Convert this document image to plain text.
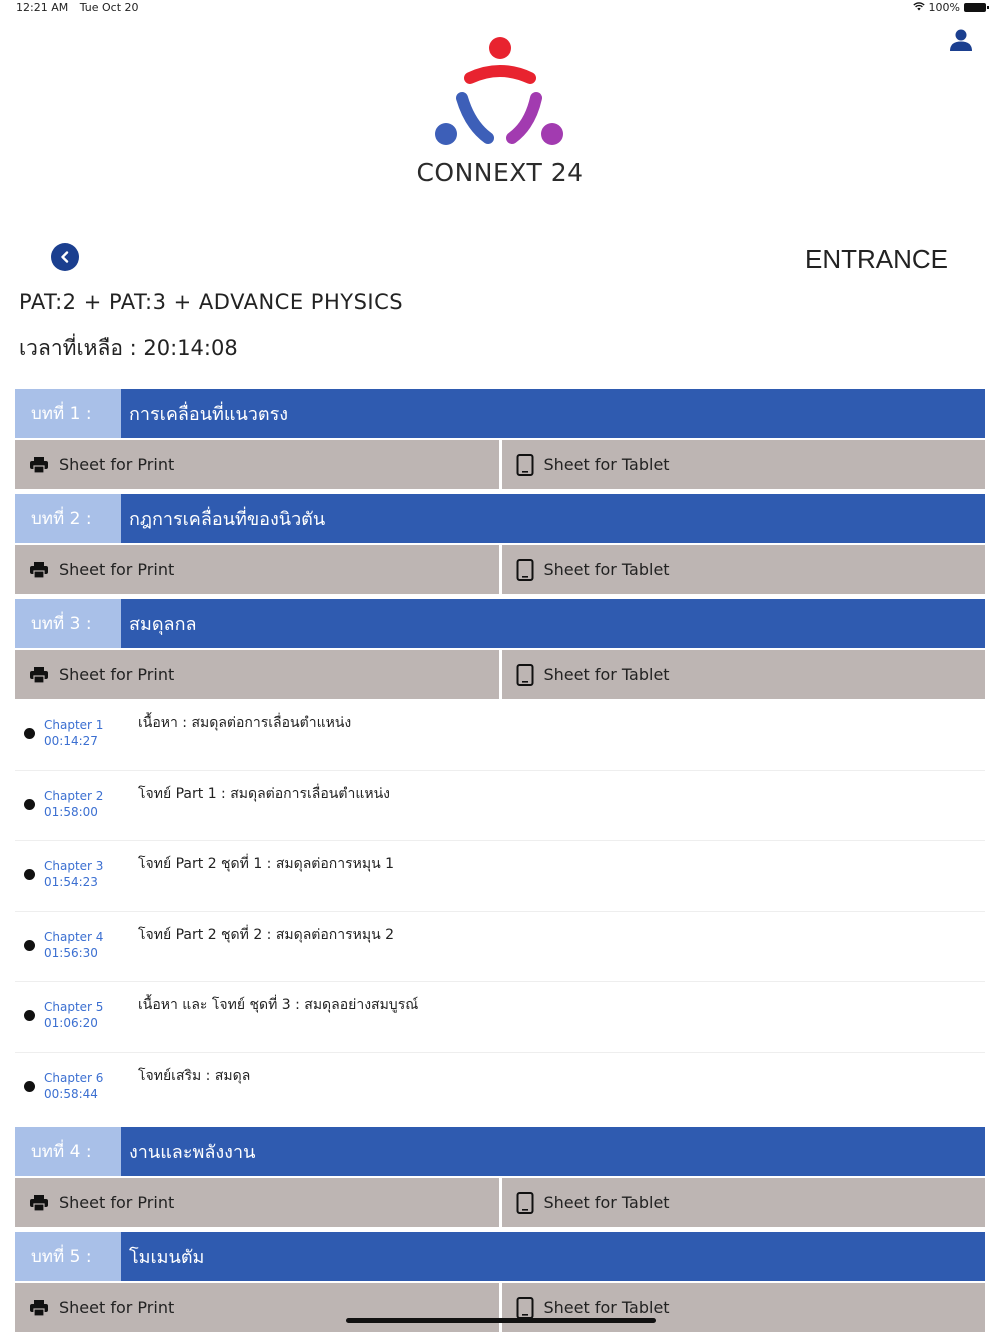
12:21 AM Tue Oct 20	100%
CONNEXT 24
ENTRANCE
PAT:2 + PAT:3 + ADVANCE PHYSICS
เวลาที่เหลือ : 20:14:08
บทที่ 1 :	การเคลื่อนที่แนวตรง
Sheet for Print	Sheet for Tablet
บทที่ 2 :	กฎการเคลื่อนที่ของนิวตัน
Sheet for Print	Sheet for Tablet
บทที่ 3 :	สมดุลกล
Sheet for Print	Sheet for Tablet
Chapter 1
00:14:27
เนื้อหา : สมดุลต่อการเลื่อนตำแหน่ง
Chapter 2
01:58:00
โจทย์ Part 1 : สมดุลต่อการเลื่อนตำแหน่ง
Chapter 3
01:54:23
โจทย์ Part 2 ชุดที่ 1 : สมดุลต่อการหมุน 1
Chapter 4
01:56:30
โจทย์ Part 2 ชุดที่ 2 : สมดุลต่อการหมุน 2
Chapter 5
01:06:20
เนื้อหา และ โจทย์ ชุดที่ 3 : สมดุลอย่างสมบูรณ์
Chapter 6
00:58:44
โจทย์เสริม : สมดุล
บทที่ 4 :	งานและพลังงาน
Sheet for Print	Sheet for Tablet
บทที่ 5 :	โมเมนตัม
Sheet for Print	Sheet for Tablet
